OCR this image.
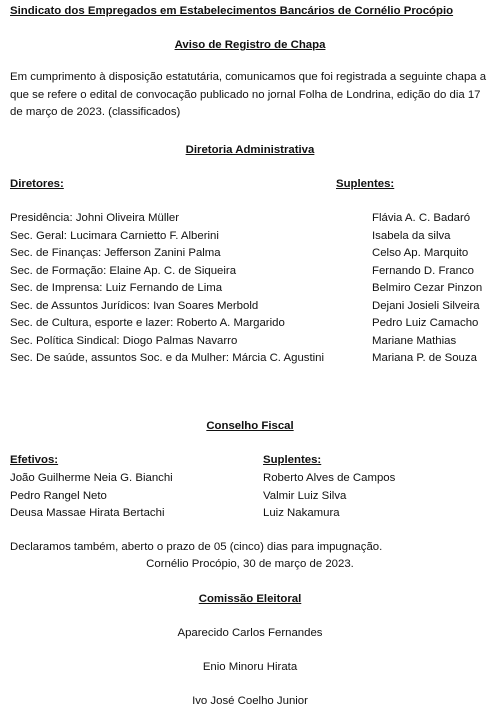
Sindicato dos Empregados em Estabelecimentos Bancários de Cornélio Procópio
Aviso de Registro de Chapa
Em cumprimento à disposição estatutária, comunicamos que foi registrada a seguinte chapa a
que se refere o edital de convocação publicado no jornal Folha de Londrina, edição do dia 17
de março de 2023. (classificados)
Diretoria Administrativa
Diretores:	Suplentes:
Presidência: Johni Oliveira Müller
Sec. Geral: Lucimara Carnietto F. Alberini
Sec. de Finanças: Jefferson Zanini Palma
Sec. de Formação: Elaine Ap. C. de Siqueira
Sec. de Imprensa: Luiz Fernando de Lima
Sec. de Assuntos Jurídicos: Ivan Soares Merbold
Sec. de Cultura, esporte e lazer: Roberto A. Margarido
Sec. Política Sindical: Diogo Palmas Navarro
Sec. De saúde, assuntos Soc. e da Mulher: Márcia C. Agustini
Flávia A. C. Badaró
Isabela da silva
Celso Ap. Marquito
Fernando D. Franco
Belmiro Cezar Pinzon
Dejani Josieli Silveira
Pedro Luiz Camacho
Mariane Mathias
Mariana P. de Souza
Conselho Fiscal
Efetivos:	Suplentes:
João Guilherme Neia G. Bianchi
Pedro Rangel Neto
Deusa Massae Hirata Bertachi
Roberto Alves de Campos
Valmir Luiz Silva
Luiz Nakamura
Declaramos também, aberto o prazo de 05 (cinco) dias para impugnação.
Cornélio Procópio, 30 de março de 2023.
Comissão Eleitoral
Aparecido Carlos Fernandes
Enio Minoru Hirata
Ivo José Coelho Junior
